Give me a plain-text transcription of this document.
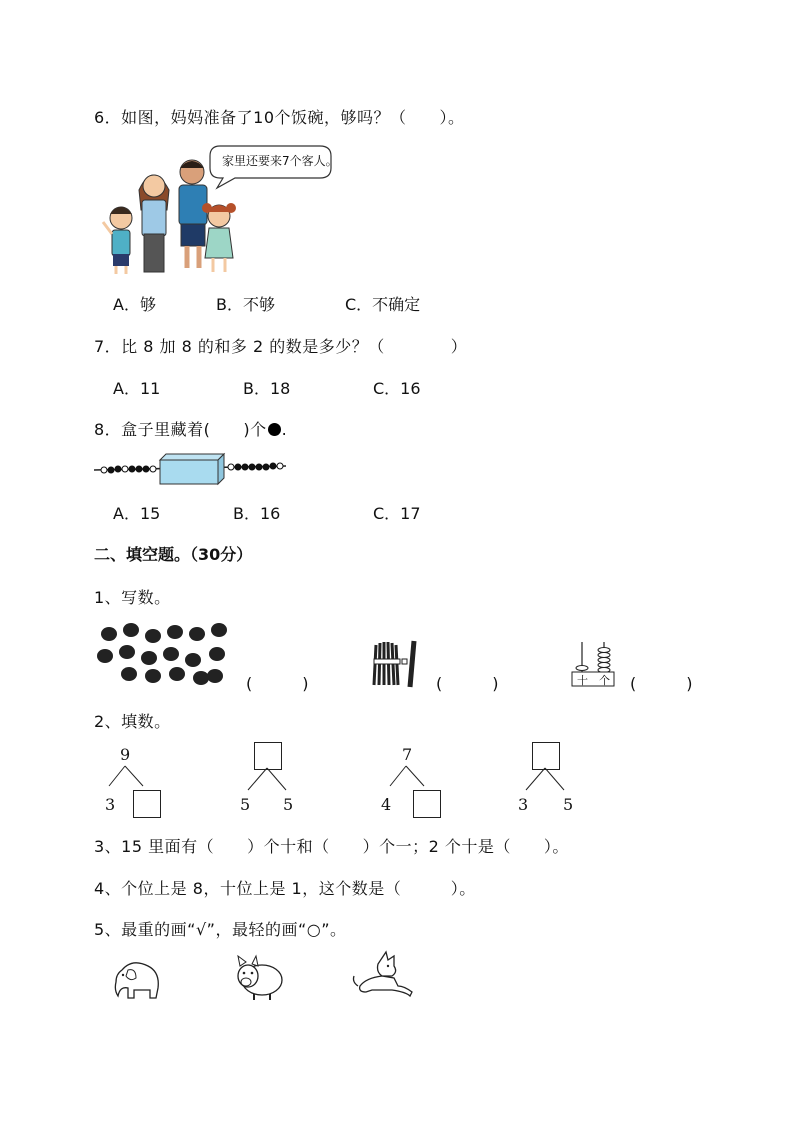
6．如图，妈妈准备了10个饭碗，够吗？（　　）。
家里还要来7个客人。
A．够	B．不够	C．不确定
7．比 8 加 8 的和多 2 的数是多少？（　　　　）
A．11	B．18	C．16
8．盒子里藏着(　　)个 .
A．15	B．16	C．17
二、填空题。（30分）
1、写数。
(　　　)	(　　　)	十 个 (　　　)
2、填数。
9
3	5 5
7
4	3 5
3、15 里面有（　　）个十和（　　）个一；2 个十是（　　）。
4、个位上是 8，十位上是 1，这个数是（　　　）。
5、最重的画“√”，最轻的画“○”。
